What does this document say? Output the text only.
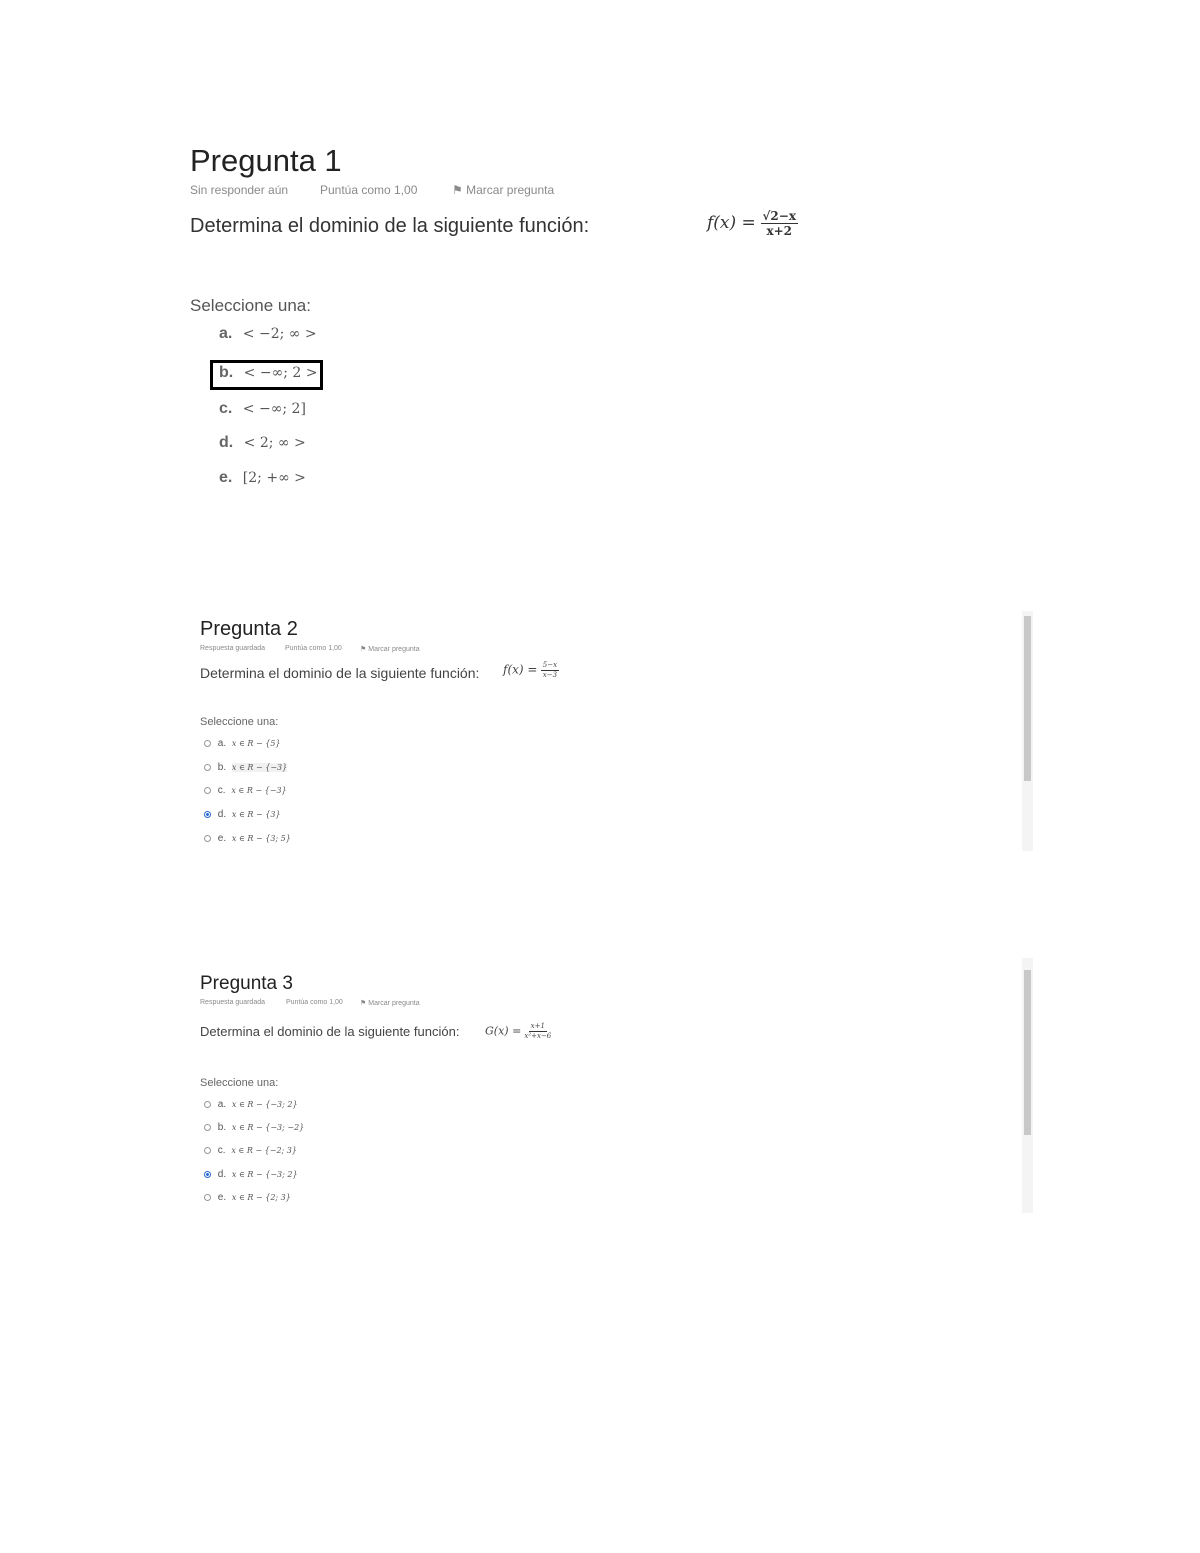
Pregunta 1
Sin responder aún	Puntúa como 1,00	⚑ Marcar pregunta
Determina el dominio de la siguiente función:	$f(x) = \frac{√2-x}{x+2}$
Seleccione una:
a. < −2; ∞ >
b. < −∞; 2 >
c. < −∞; 2]
d. < 2; ∞ >
e. [2; +∞ >
Pregunta 2
Respuesta guardada	Puntúa como 1,00	⚑ Marcar pregunta
Determina el dominio de la siguiente función: $f(x) = \frac{5-x}{x-3}$
Seleccione una:
a. x ∈ R − {5}
b. x ∈ R − {−3}
c. x ∈ R − {−3}
d. x ∈ R − {3}
e. x ∈ R − {3; 5}
Pregunta 3
Respuesta guardada	Puntúa como 1,00 ⚑ Marcar pregunta
Determina el dominio de la siguiente función: $G(x) = \frac{x+1}{\text{x²+x−6}}$
Seleccione una:
a. x ∈ R − {−3; 2}
b. x ∈ R − {−3; −2}
c. x ∈ R − {−2; 3}
d. x ∈ R − {−3; 2}
e. x ∈ R − {2; 3}
